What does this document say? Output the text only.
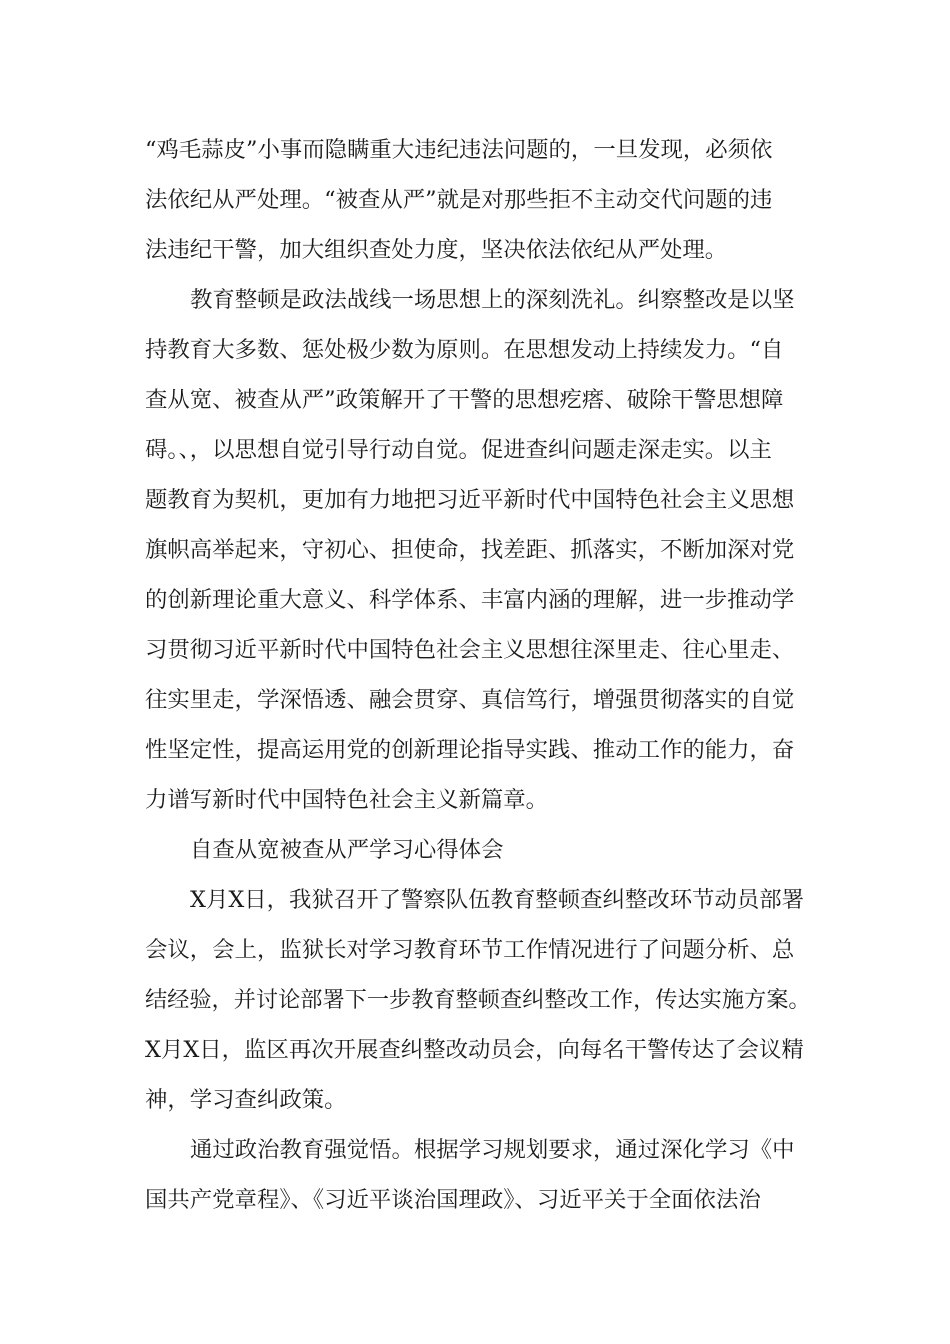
“鸡毛蒜皮”小事而隐瞒重大违纪违法问题的，一旦发现，必须依
法依纪从严处理。“被查从严”就是对那些拒不主动交代问题的违
法违纪干警，加大组织查处力度，坚决依法依纪从严处理。
教育整顿是政法战线一场思想上的深刻洗礼。纠察整改是以坚
持教育大多数、惩处极少数为原则。在思想发动上持续发力。“自
查从宽、被查从严”政策解开了干警的思想疙瘩、破除干警思想障
碍。、，以思想自觉引导行动自觉。促进查纠问题走深走实。以主
题教育为契机，更加有力地把习近平新时代中国特色社会主义思想
旗帜高举起来，守初心、担使命，找差距、抓落实，不断加深对党
的创新理论重大意义、科学体系、丰富内涵的理解，进一步推动学
习贯彻习近平新时代中国特色社会主义思想往深里走、往心里走、
往实里走，学深悟透、融会贯穿、真信笃行，增强贯彻落实的自觉
性坚定性，提高运用党的创新理论指导实践、推动工作的能力，奋
力谱写新时代中国特色社会主义新篇章。
自查从宽被查从严学习心得体会
X月X日，我狱召开了警察队伍教育整顿查纠整改环节动员部署
会议，会上，监狱长对学习教育环节工作情况进行了问题分析、总
结经验，并讨论部署下一步教育整顿查纠整改工作，传达实施方案。
X月X日，监区再次开展查纠整改动员会，向每名干警传达了会议精
神，学习查纠政策。
通过政治教育强觉悟。根据学习规划要求，通过深化学习《中
国共产党章程》、《习近平谈治国理政》、习近平关于全面依法治
